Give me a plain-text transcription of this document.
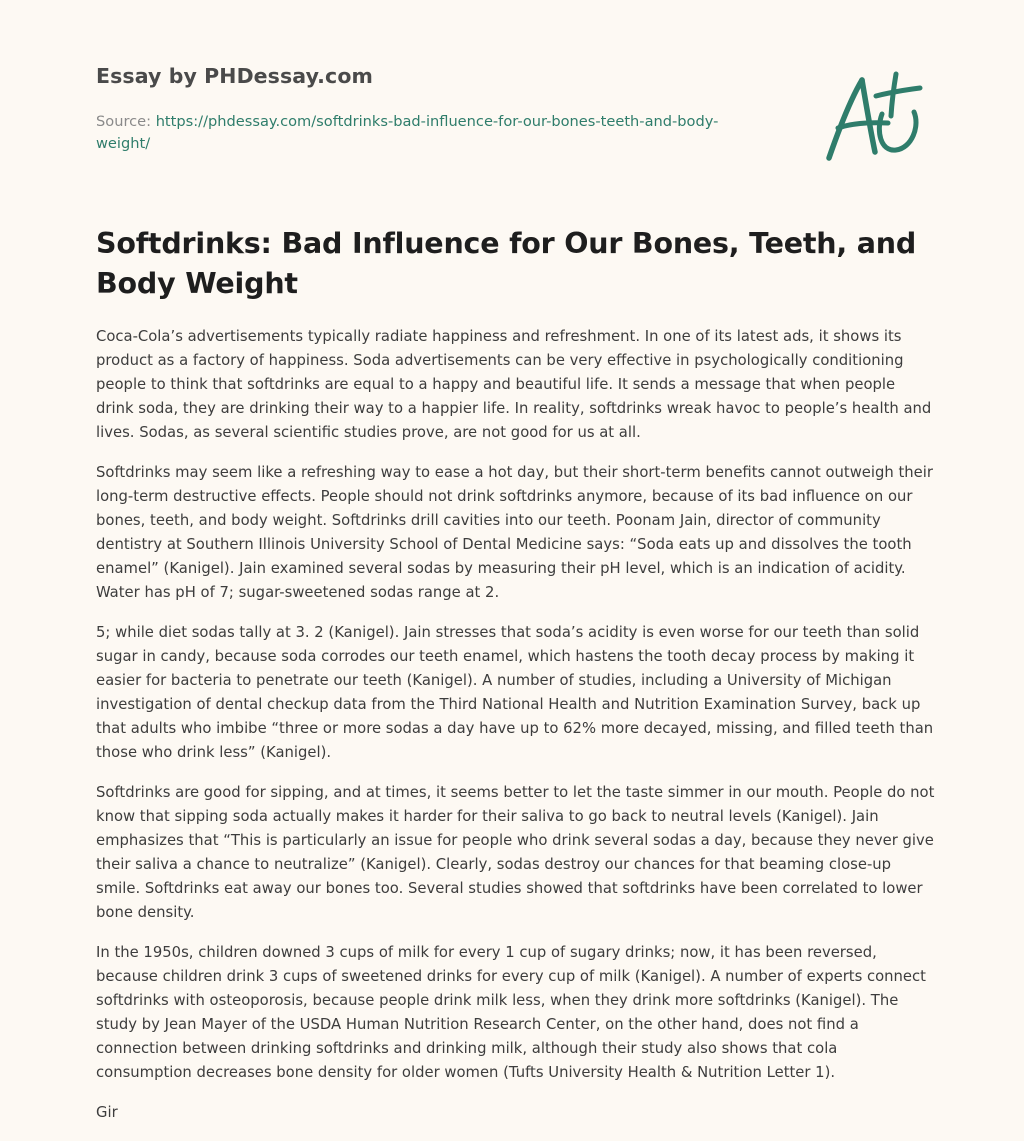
Essay by PHDessay.com
Source: https://phdessay.com/softdrinks-bad-influence-for-our-bones-teeth-and-body-weight/
Softdrinks: Bad Influence for Our Bones, Teeth, and Body Weight

Coca-Cola’s advertisements typically radiate happiness and refreshment. In one of its latest ads, it shows its product as a factory of happiness. Soda advertisements can be very effective in psychologically conditioning people to think that softdrinks are equal to a happy and beautiful life. It sends a message that when people drink soda, they are drinking their way to a happier life. In reality, softdrinks wreak havoc to people’s health and lives. Sodas, as several scientific studies prove, are not good for us at all.

Softdrinks may seem like a refreshing way to ease a hot day, but their short-term benefits cannot outweigh their long-term destructive effects. People should not drink softdrinks anymore, because of its bad influence on our bones, teeth, and body weight. Softdrinks drill cavities into our teeth. Poonam Jain, director of community dentistry at Southern Illinois University School of Dental Medicine says: “Soda eats up and dissolves the tooth enamel” (Kanigel). Jain examined several sodas by measuring their pH level, which is an indication of acidity. Water has pH of 7; sugar-sweetened sodas range at 2.

5; while diet sodas tally at 3. 2 (Kanigel). Jain stresses that soda’s acidity is even worse for our teeth than solid sugar in candy, because soda corrodes our teeth enamel, which hastens the tooth decay process by making it easier for bacteria to penetrate our teeth (Kanigel). A number of studies, including a University of Michigan investigation of dental checkup data from the Third National Health and Nutrition Examination Survey, back up that adults who imbibe “three or more sodas a day have up to 62% more decayed, missing, and filled teeth than those who drink less” (Kanigel).

Softdrinks are good for sipping, and at times, it seems better to let the taste simmer in our mouth. People do not know that sipping soda actually makes it harder for their saliva to go back to neutral levels (Kanigel). Jain emphasizes that “This is particularly an issue for people who drink several sodas a day, because they never give their saliva a chance to neutralize” (Kanigel). Clearly, sodas destroy our chances for that beaming close-up smile. Softdrinks eat away our bones too. Several studies showed that softdrinks have been correlated to lower bone density.

In the 1950s, children downed 3 cups of milk for every 1 cup of sugary drinks; now, it has been reversed, because children drink 3 cups of sweetened drinks for every cup of milk (Kanigel). A number of experts connect softdrinks with osteoporosis, because people drink milk less, when they drink more softdrinks (Kanigel). The study by Jean Mayer of the USDA Human Nutrition Research Center, on the other hand, does not find a connection between drinking softdrinks and drinking milk, although their study also shows that cola consumption decreases bone density for older women (Tufts University Health & Nutrition Letter 1).

Gir
